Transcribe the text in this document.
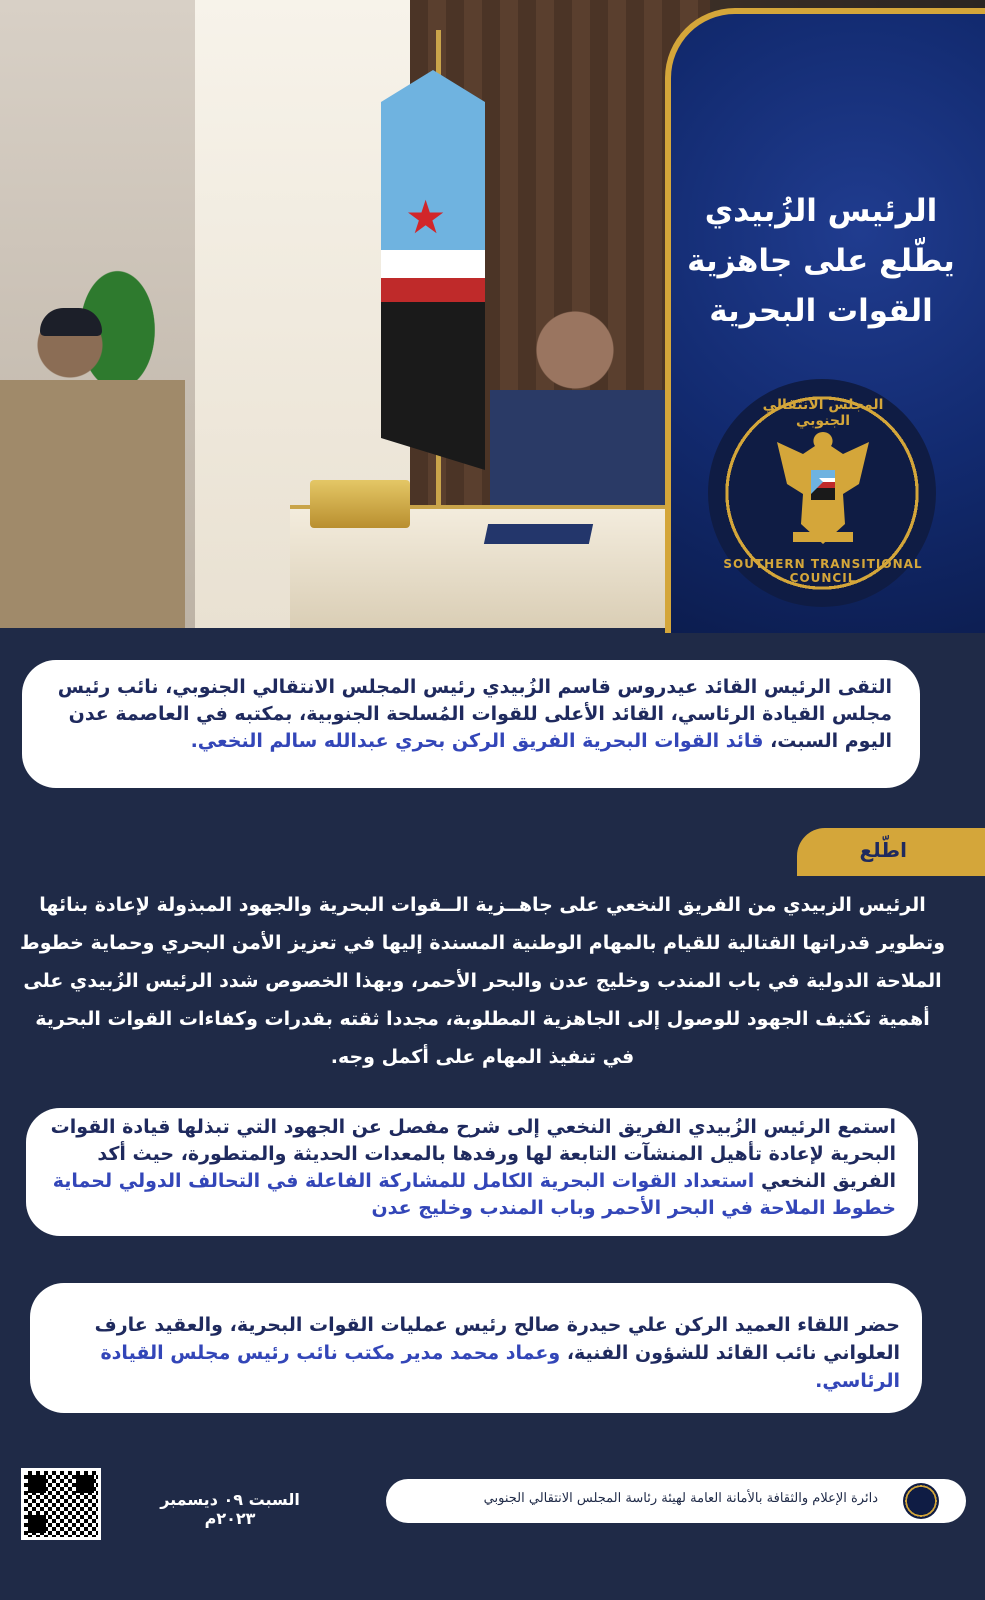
★	الرئيس الزُبيدي
يطّلع على جاهزية
القوات البحرية
المجلس الانتقالي الجنوبي
SOUTHERN TRANSITIONAL COUNCIL
التقى الرئيس القائد عيدروس قاسم الزُبيدي رئيس المجلس الانتقالي الجنوبي، نائب رئيس مجلس القيادة الرئاسي، القائد الأعلى للقوات المُسلحة الجنوبية، بمكتبه في العاصمة عدن اليوم السبت، قائد القوات البحرية الفريق الركن بحري عبدالله سالم النخعي.
اطّلع
الرئيس الزبيدي من الفريق النخعي على جاهــزية الــقوات البحرية والجهود المبذولة لإعادة بنائها وتطوير قدراتها القتالية للقيام بالمهام الوطنية المسندة إليها في تعزيز الأمن البحري وحماية خطوط الملاحة الدولية في باب المندب وخليج عدن والبحر الأحمر، وبهذا الخصوص شدد الرئيس الزُبيدي على أهمية تكثيف الجهود للوصول إلى الجاهزية المطلوبة، مجددا ثقته بقدرات وكفاءات القوات البحرية في تنفيذ المهام على أكمل وجه.
استمع الرئيس الزُبيدي الفريق النخعي إلى شرح مفصل عن الجهود التي تبذلها قيادة القوات البحرية لإعادة تأهيل المنشآت التابعة لها ورفدها بالمعدات الحديثة والمتطورة، حيث أكد الفريق النخعي استعداد القوات البحرية الكامل للمشاركة الفاعلة في التحالف الدولي لحماية خطوط الملاحة في البحر الأحمر وباب المندب وخليج عدن
حضر اللقاء العميد الركن علي حيدرة صالح رئيس عمليات القوات البحرية، والعقيد عارف العلواني نائب القائد للشؤون الفنية، وعماد محمد مدير مكتب نائب رئيس مجلس القيادة الرئاسي.
السبت ٠٩ ديسمبر ٢٠٢٣م
دائرة الإعلام والثقافة بالأمانة العامة لهيئة رئاسة المجلس الانتقالي الجنوبي
